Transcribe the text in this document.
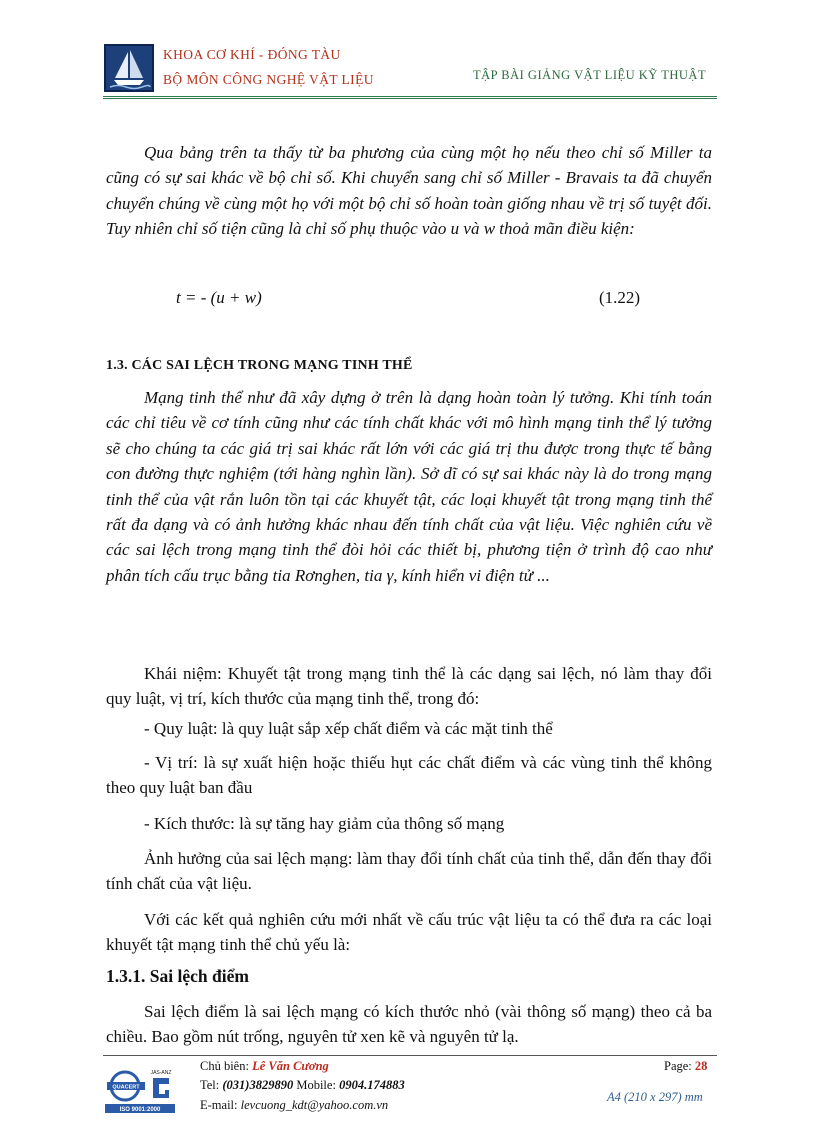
KHOA CƠ KHÍ - ĐÓNG TÀU
BỘ MÔN CÔNG NGHỆ VẬT LIỆU	TẬP BÀI GIẢNG VẬT LIỆU KỸ THUẬT

Qua bảng trên ta thấy từ ba phương của cùng một họ nếu theo chỉ số Miller ta cũng có sự sai khác về bộ chỉ số. Khi chuyển sang chỉ số Miller - Bravais ta đã chuyển chuyển chúng về cùng một họ với một bộ chỉ số hoàn toàn giống nhau về trị số tuyệt đối. Tuy nhiên chỉ số tiện cũng là chỉ số phụ thuộc vào u và w thoả mãn điều kiện:

t = - (u + w)	(1.22)
1.3. CÁC SAI LỆCH TRONG MẠNG TINH THỂ

Mạng tinh thể như đã xây dựng ở trên là dạng hoàn toàn lý tưởng. Khi tính toán các chỉ tiêu về cơ tính cũng như các tính chất khác với mô hình mạng tinh thể lý tưởng sẽ cho chúng ta các giá trị sai khác rất lớn với các giá trị thu được trong thực tế bằng con đường thực nghiệm (tới hàng nghìn lần). Sở dĩ có sự sai khác này là do trong mạng tinh thể của vật rắn luôn tồn tại các khuyết tật, các loại khuyết tật trong mạng tinh thể rất đa dạng và có ảnh hưởng khác nhau đến tính chất của vật liệu. Việc nghiên cứu về các sai lệch trong mạng tinh thể đòi hỏi các thiết bị, phương tiện ở trình độ cao như phân tích cấu trục bằng tia Rơnghen, tia γ, kính hiển vi điện tử ...

Khái niệm: Khuyết tật trong mạng tinh thể là các dạng sai lệch, nó làm thay đổi quy luật, vị trí, kích thước của mạng tinh thể, trong đó:

- Quy luật: là quy luật sắp xếp chất điểm và các mặt tinh thể

- Vị trí: là sự xuất hiện hoặc thiếu hụt các chất điểm và các vùng tinh thể không theo quy luật ban đầu

- Kích thước: là sự tăng hay giảm của thông số mạng

Ảnh hưởng của sai lệch mạng: làm thay đổi tính chất của tinh thể, dẫn đến thay đổi tính chất của vật liệu.

Với các kết quả nghiên cứu mới nhất về cấu trúc vật liệu ta có thể đưa ra các loại khuyết tật mạng tinh thể chủ yếu là:

1.3.1. Sai lệch điểm

Sai lệch điểm là sai lệch mạng có kích thước nhỏ (vài thông số mạng) theo cả ba chiều. Bao gồm nút trống, nguyên tử xen kẽ và nguyên tử lạ.

QUACERT
JAS-ANZ
ISO 9001:2000
Chủ biên: Lê Văn Cương
Tel: (031)3829890 Mobile: 0904.174883
E-mail: levcuong_kdt@yahoo.com.vn
Page: 28
A4 (210 x 297) mm
